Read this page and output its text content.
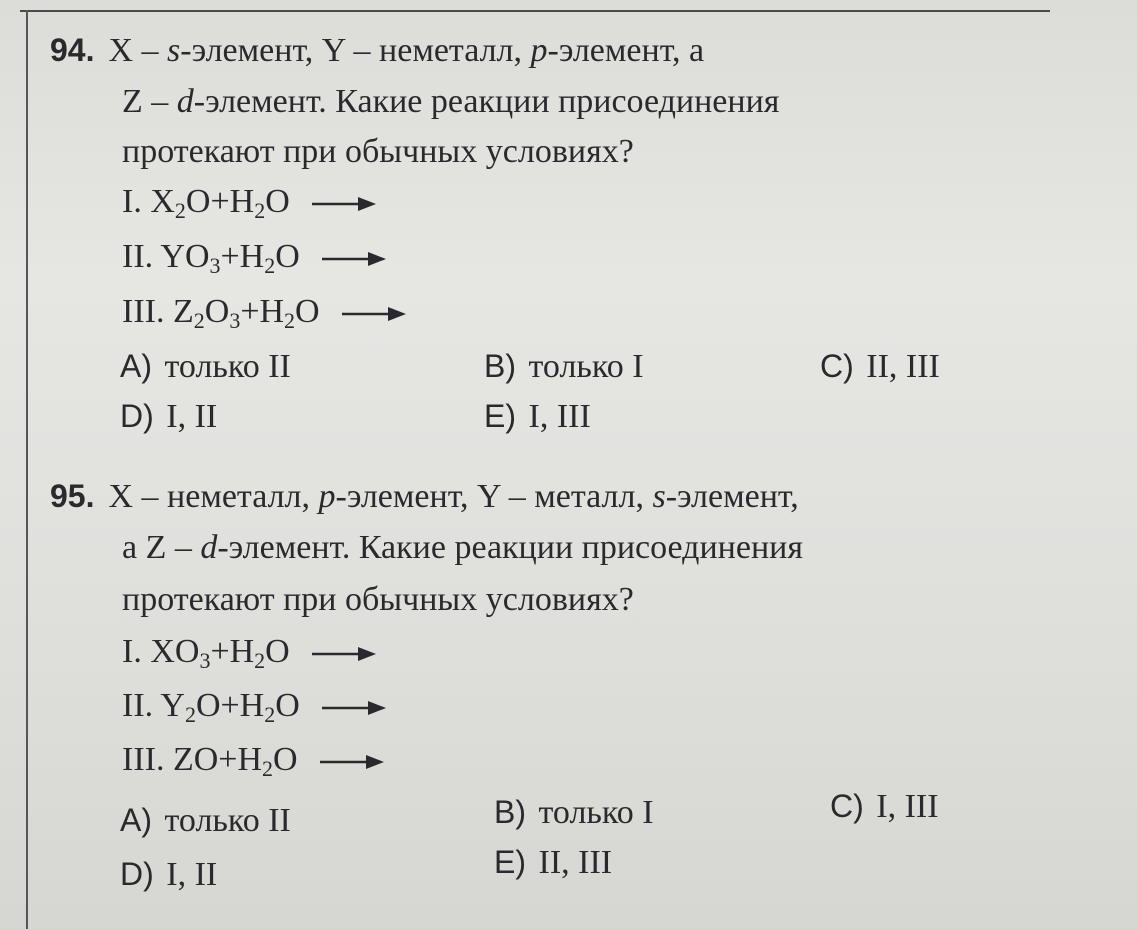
94. X – s-элемент, Y – неметалл, p-элемент, а
Z – d-элемент. Какие реакции присоединения
протекают при обычных условиях?
I. $X_2O+H_2O$ →
II. $YO_3+H_2O$ →
III. $Z_2O_3+H_2O$ →
A) только II	B) только I	C) II, III
D) I, II	E) I, III
95. X – неметалл, p-элемент, Y – металл, s-элемент,
а Z – d-элемент. Какие реакции присоединения
протекают при обычных условиях?
I. $XO_3+H_2O$ →
II. $Y_2O+H_2O$ →
III. $ZO+H_2O$ →
A) только II	B) только I	C) I, III
D) I, II	E) II, III
